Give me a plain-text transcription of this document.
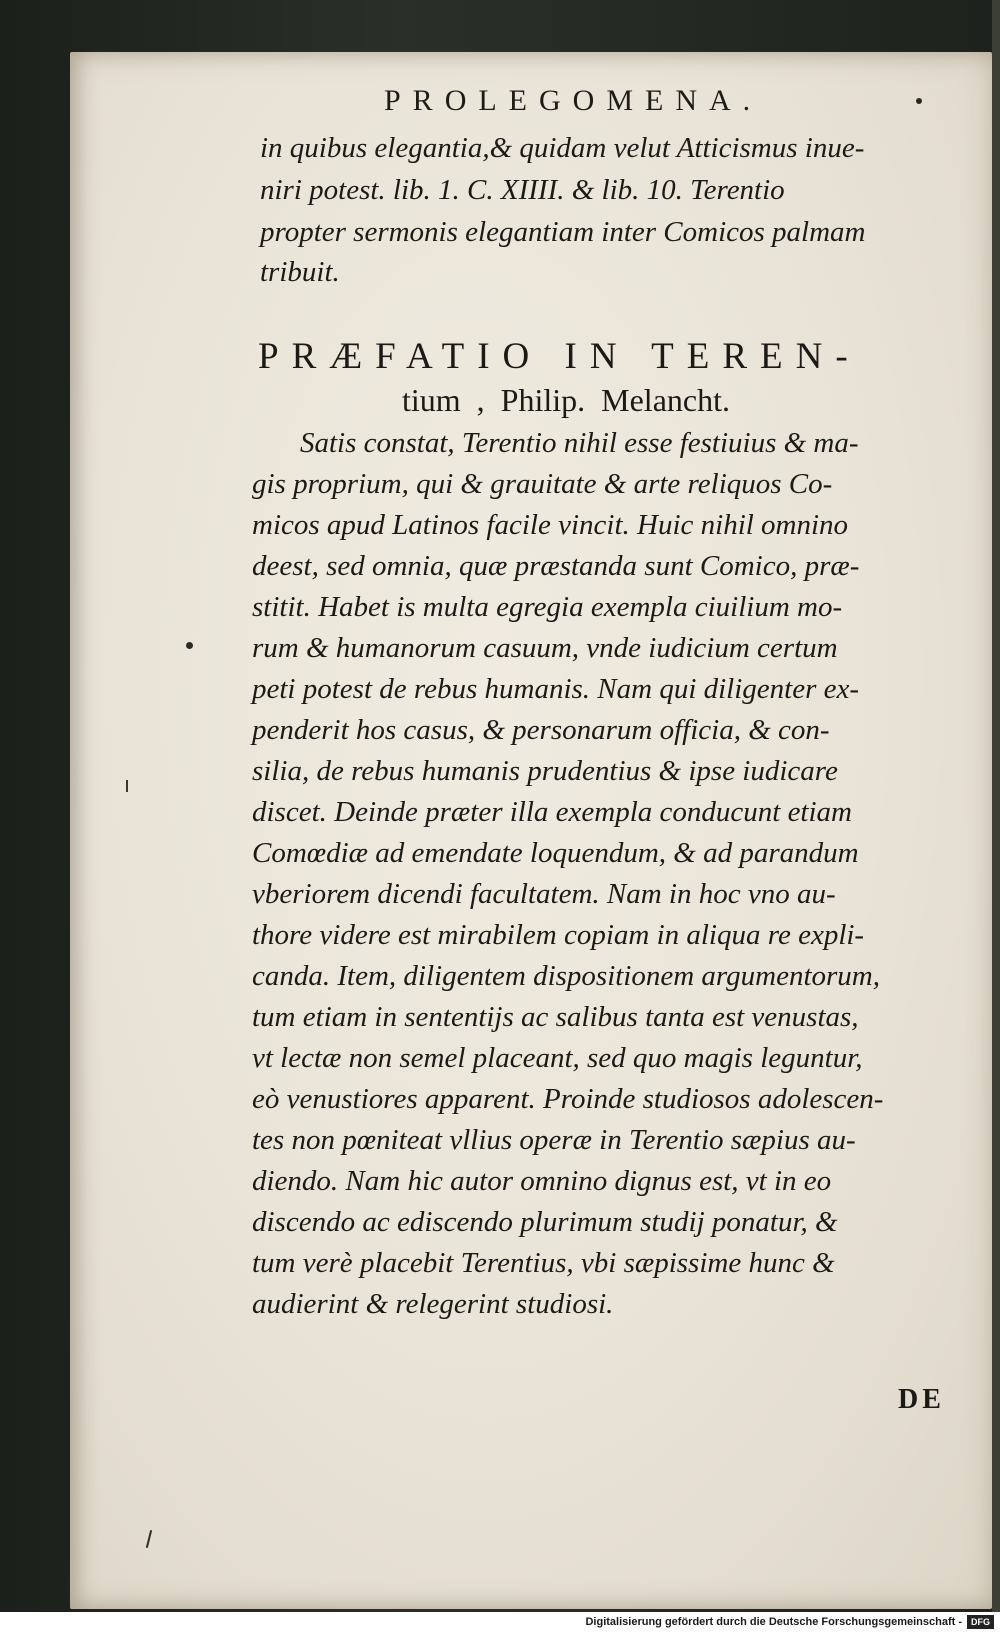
PROLEGOMENA.
in quibus elegantia,& quidam velut Atticismus inue-
niri potest. lib. 1. C. XIIII. & lib. 10. Terentio
propter sermonis elegantiam inter Comicos palmam
tribuit.
PRÆFATIO IN TEREN-
tium , Philip. Melancht.
Satis constat, Terentio nihil esse festiuius & ma-
gis proprium, qui & grauitate & arte reliquos Co-
micos apud Latinos facile vincit. Huic nihil omnino
deest, sed omnia, quæ præstanda sunt Comico, præ-
stitit. Habet is multa egregia exempla ciuilium mo-
rum & humanorum casuum, vnde iudicium certum
peti potest de rebus humanis. Nam qui diligenter ex-
penderit hos casus, & personarum officia, & con-
silia, de rebus humanis prudentius & ipse iudicare
discet. Deinde præter illa exempla conducunt etiam
Comœdiæ ad emendate loquendum, & ad parandum
vberiorem dicendi facultatem. Nam in hoc vno au-
thore videre est mirabilem copiam in aliqua re expli-
canda. Item, diligentem dispositionem argumentorum,
tum etiam in sententijs ac salibus tanta est venustas,
vt lectæ non semel placeant, sed quo magis leguntur,
eò venustiores apparent. Proinde studiosos adolescen-
tes non pœniteat vllius operæ in Terentio sæpius au-
diendo. Nam hic autor omnino dignus est, vt in eo
discendo ac ediscendo plurimum studij ponatur, &
tum verè placebit Terentius, vbi sæpissime hunc &
audierint & relegerint studiosi.
DE
Digitalisierung gefördert durch die Deutsche Forschungsgemeinschaft -	DFG
